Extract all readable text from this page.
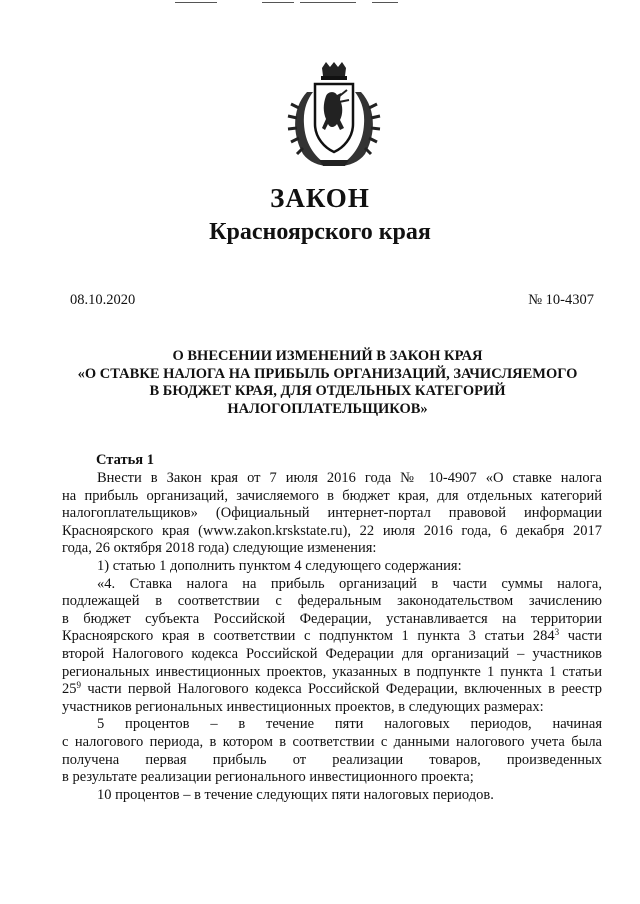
ЗАКОН
Красноярского края
08.10.2020	№ 10-4307
О ВНЕСЕНИИ ИЗМЕНЕНИЙ В ЗАКОН КРАЯ
«О СТАВКЕ НАЛОГА НА ПРИБЫЛЬ ОРГАНИЗАЦИЙ, ЗАЧИСЛЯЕМОГО
В БЮДЖЕТ КРАЯ, ДЛЯ ОТДЕЛЬНЫХ КАТЕГОРИЙ
НАЛОГОПЛАТЕЛЬЩИКОВ»
Статья 1
Внести в Закон края от 7 июля 2016 года № 10-4907 «О ставке налога
на прибыль организаций, зачисляемого в бюджет края, для отдельных категорий
налогоплательщиков» (Официальный интернет-портал правовой информации
Красноярского края (www.zakon.krskstate.ru), 22 июля 2016 года, 6 декабря 2017
года, 26 октября 2018 года) следующие изменения:
1) статью 1 дополнить пунктом 4 следующего содержания:
«4. Ставка налога на прибыль организаций в части суммы налога,
подлежащей в соответствии с федеральным законодательством зачислению
в бюджет субъекта Российской Федерации, устанавливается на территории
Красноярского края в соответствии с подпунктом 1 пункта 3 статьи $284^3$ части
второй Налогового кодекса Российской Федерации для организаций – участников
региональных инвестиционных проектов, указанных в подпункте 1 пункта 1 статьи
$25^9$ части первой Налогового кодекса Российской Федерации, включенных в реестр
участников региональных инвестиционных проектов, в следующих размерах:
5 процентов – в течение пяти налоговых периодов, начиная
с налогового периода, в котором в соответствии с данными налогового учета была
получена первая прибыль от реализации товаров, произведенных
в результате реализации регионального инвестиционного проекта;
10 процентов – в течение следующих пяти налоговых периодов.
